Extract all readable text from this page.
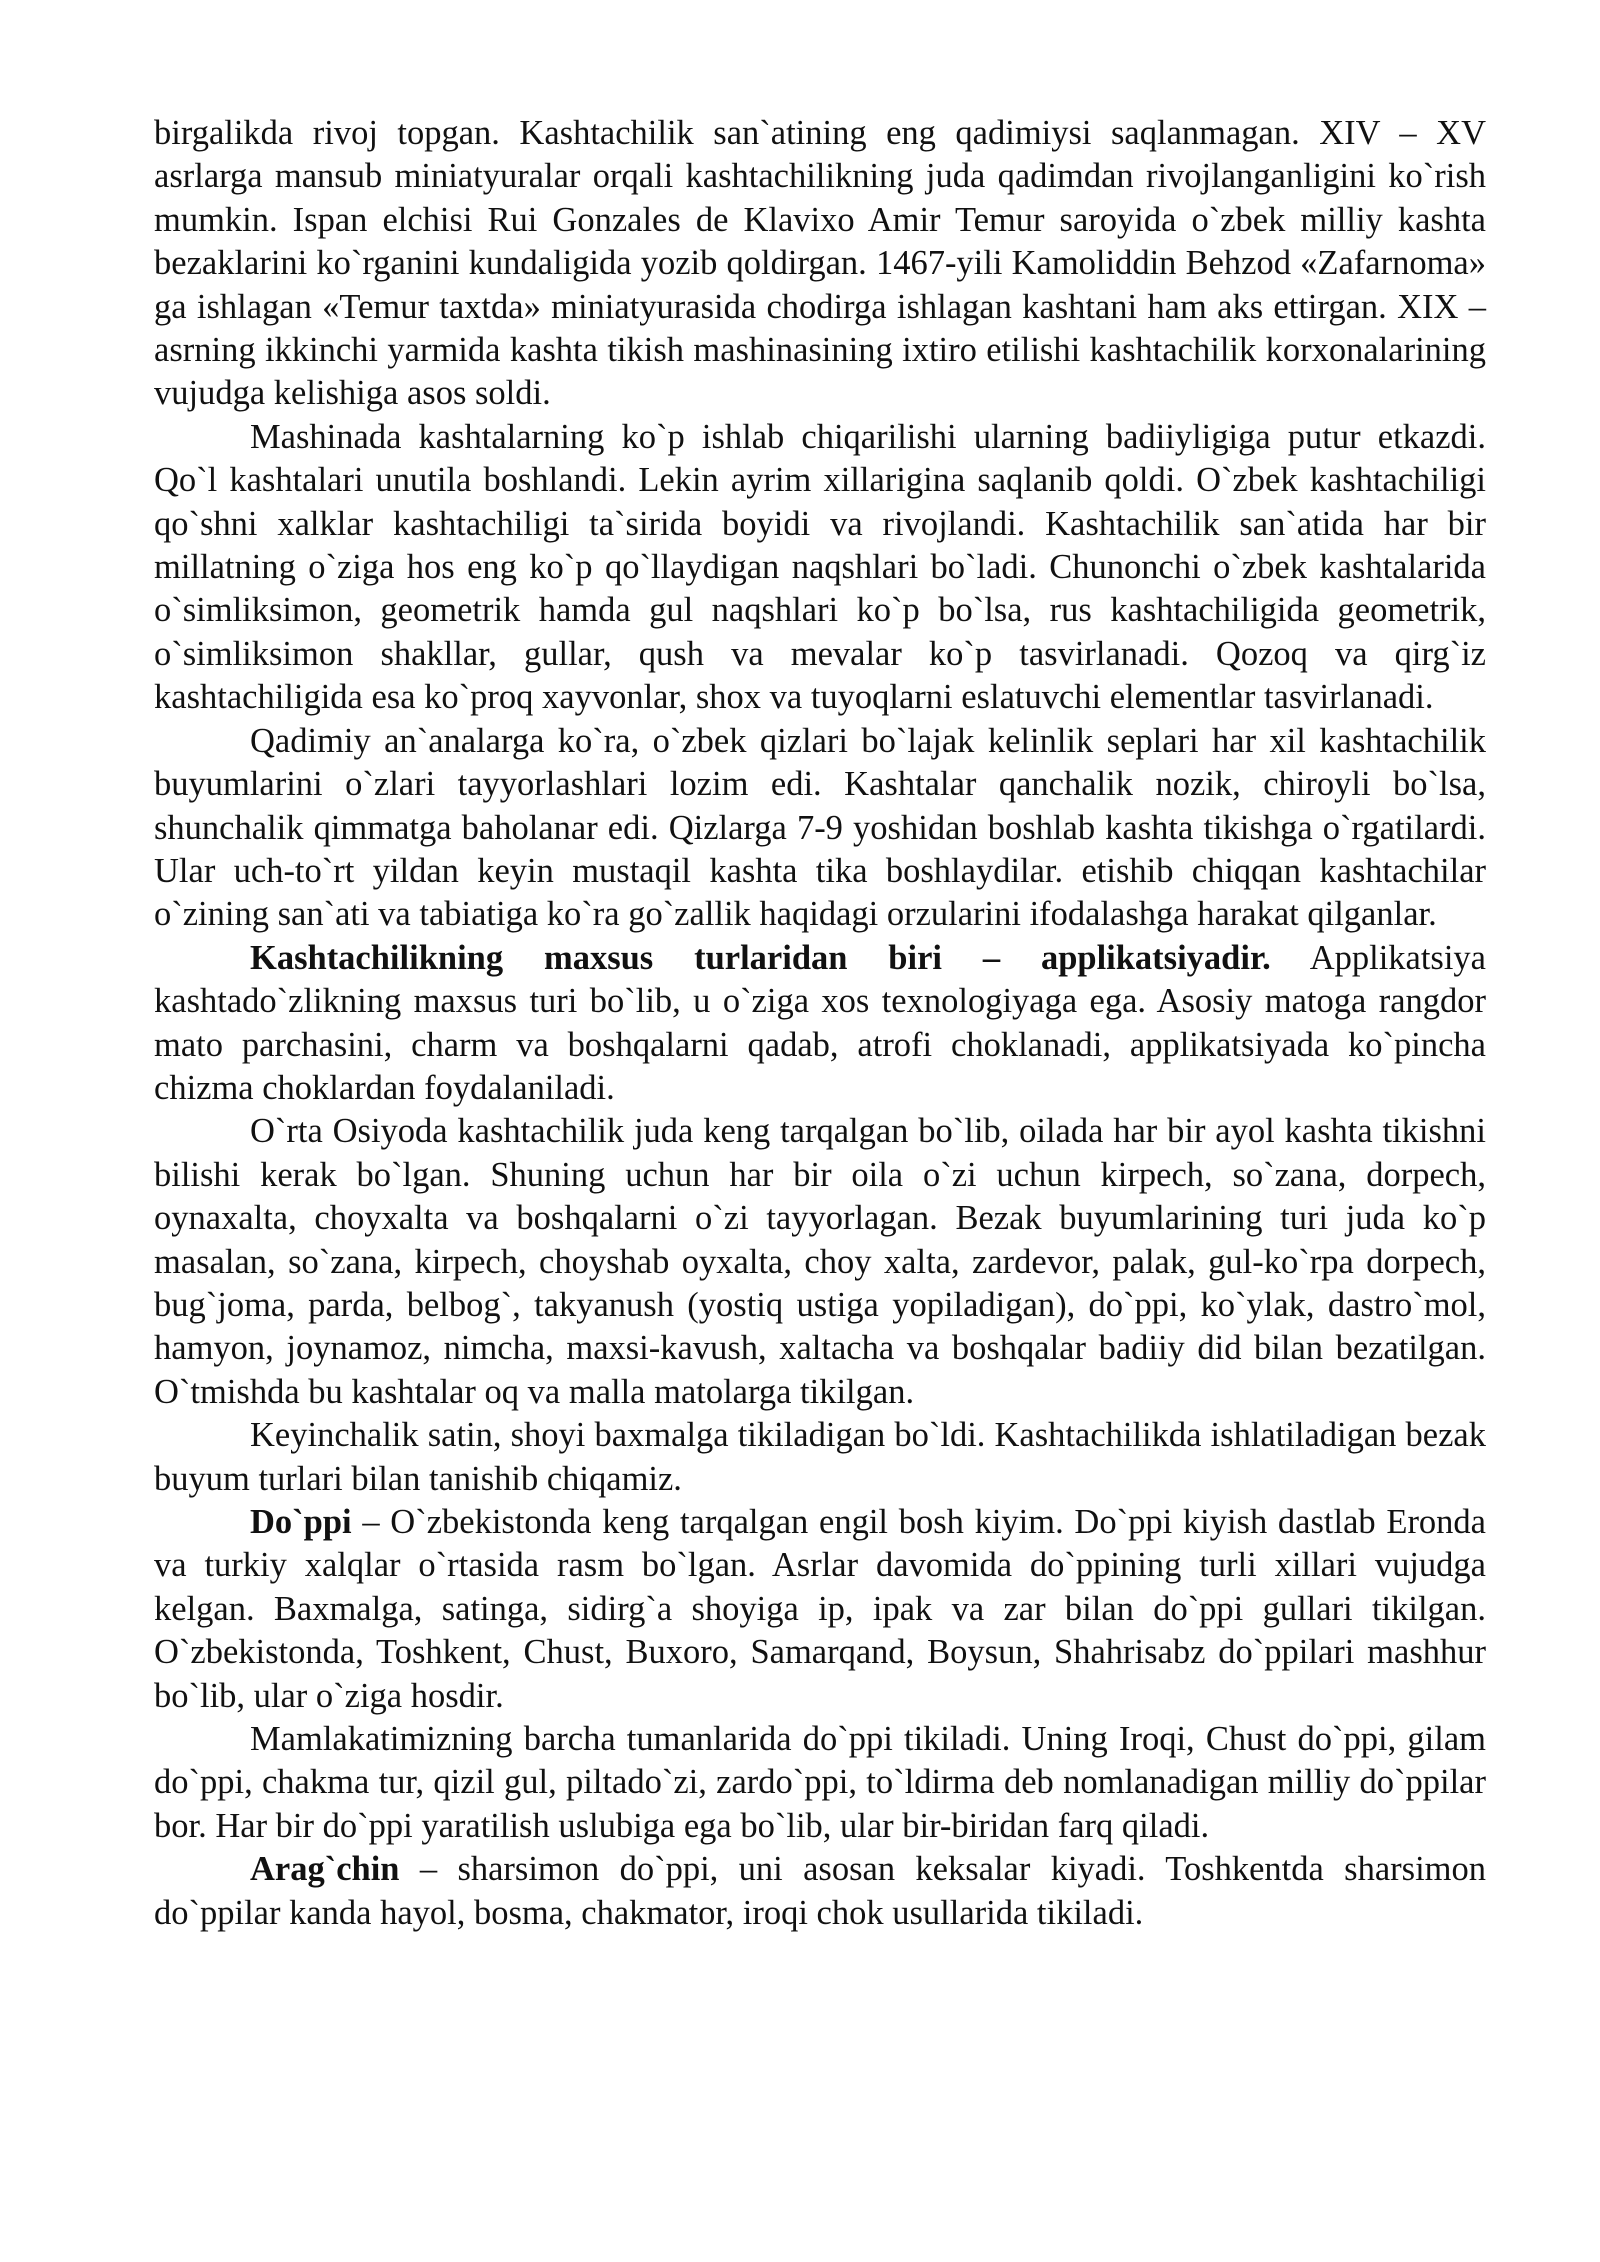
birgalikda rivoj topgan. Kashtachilik san`atining eng qadimiysi saqlanmagan. XIV – XV asrlarga mansub miniatyuralar orqali kashtachilikning juda qadimdan rivojlanganligini ko`rish mumkin. Ispan elchisi Rui Gonzales de Klavixo Amir Temur saroyida o`zbek milliy kashta bezaklarini ko`rganini kundaligida yozib qoldirgan. 1467-yili Kamoliddin Behzod «Zafarnoma» ga ishlagan «Temur taxtda» miniatyurasida chodirga ishlagan kashtani ham aks ettirgan. XIX – asrning ikkinchi yarmida kashta tikish mashinasining ixtiro etilishi kashtachilik korxonalarining vujudga kelishiga asos soldi.

Mashinada kashtalarning ko`p ishlab chiqarilishi ularning badiiyligiga putur etkazdi. Qo`l kashtalari unutila boshlandi. Lekin ayrim xillarigina saqlanib qoldi. O`zbek kashtachiligi qo`shni xalklar kashtachiligi ta`sirida boyidi va rivojlandi. Kashtachilik san`atida har bir millatning o`ziga hos eng ko`p qo`llaydigan naqshlari bo`ladi. Chunonchi o`zbek kashtalarida o`simliksimon, geometrik hamda gul naqshlari ko`p bo`lsa, rus kashtachiligida geometrik, o`simliksimon shakllar, gullar, qush va mevalar ko`p tasvirlanadi. Qozoq va qirg`iz kashtachiligida esa ko`proq xayvonlar, shox va tuyoqlarni eslatuvchi elementlar tasvirlanadi.

Qadimiy an`analarga ko`ra, o`zbek qizlari bo`lajak kelinlik seplari har xil kashtachilik buyumlarini o`zlari tayyorlashlari lozim edi. Kashtalar qanchalik nozik, chiroyli bo`lsa, shunchalik qimmatga baholanar edi. Qizlarga 7-9 yoshidan boshlab kashta tikishga o`rgatilardi. Ular uch-to`rt yildan keyin mustaqil kashta tika boshlaydilar. etishib chiqqan kashtachilar o`zining san`ati va tabiatiga ko`ra go`zallik haqidagi orzularini ifodalashga harakat qilganlar.

Kashtachilikning maxsus turlaridan biri – applikatsiyadir. Applikatsiya kashtado`zlikning maxsus turi bo`lib, u o`ziga xos texnologiyaga ega. Asosiy matoga rangdor mato parchasini, charm va boshqalarni qadab, atrofi choklanadi, applikatsiyada ko`pincha chizma choklardan foydalaniladi.

O`rta Osiyoda kashtachilik juda keng tarqalgan bo`lib, oilada har bir ayol kashta tikishni bilishi kerak bo`lgan. Shuning uchun har bir oila o`zi uchun kirpech, so`zana, dorpech, oynaxalta, choyxalta va boshqalarni o`zi tayyorlagan. Bezak buyumlarining turi juda ko`p masalan, so`zana, kirpech, choyshab oyxalta, choy xalta, zardevor, palak, gul-ko`rpa dorpech, bug`joma, parda, belbog`, takyanush (yostiq ustiga yopiladigan), do`ppi, ko`ylak, dastro`mol, hamyon, joynamoz, nimcha, maxsi-kavush, xaltacha va boshqalar badiiy did bilan bezatilgan. O`tmishda bu kashtalar oq va malla matolarga tikilgan.

Keyinchalik satin, shoyi baxmalga tikiladigan bo`ldi. Kashtachilikda ishlatiladigan bezak buyum turlari bilan tanishib chiqamiz.

Do`ppi – O`zbekistonda keng tarqalgan engil bosh kiyim. Do`ppi kiyish dastlab Eronda va turkiy xalqlar o`rtasida rasm bo`lgan. Asrlar davomida do`ppining turli xillari vujudga kelgan. Baxmalga, satinga, sidirg`a shoyiga ip, ipak va zar bilan do`ppi gullari tikilgan. O`zbekistonda, Toshkent, Chust, Buxoro, Samarqand, Boysun, Shahrisabz do`ppilari mashhur bo`lib, ular o`ziga hosdir.

Mamlakatimizning barcha tumanlarida do`ppi tikiladi. Uning Iroqi, Chust do`ppi, gilam do`ppi, chakma tur, qizil gul, piltado`zi, zardo`ppi, to`ldirma deb nomlanadigan milliy do`ppilar bor. Har bir do`ppi yaratilish uslubiga ega bo`lib, ular bir-biridan farq qiladi.

Arag`chin – sharsimon do`ppi, uni asosan keksalar kiyadi. Toshkentda sharsimon do`ppilar kanda hayol, bosma, chakmator, iroqi chok usullarida tikiladi.
